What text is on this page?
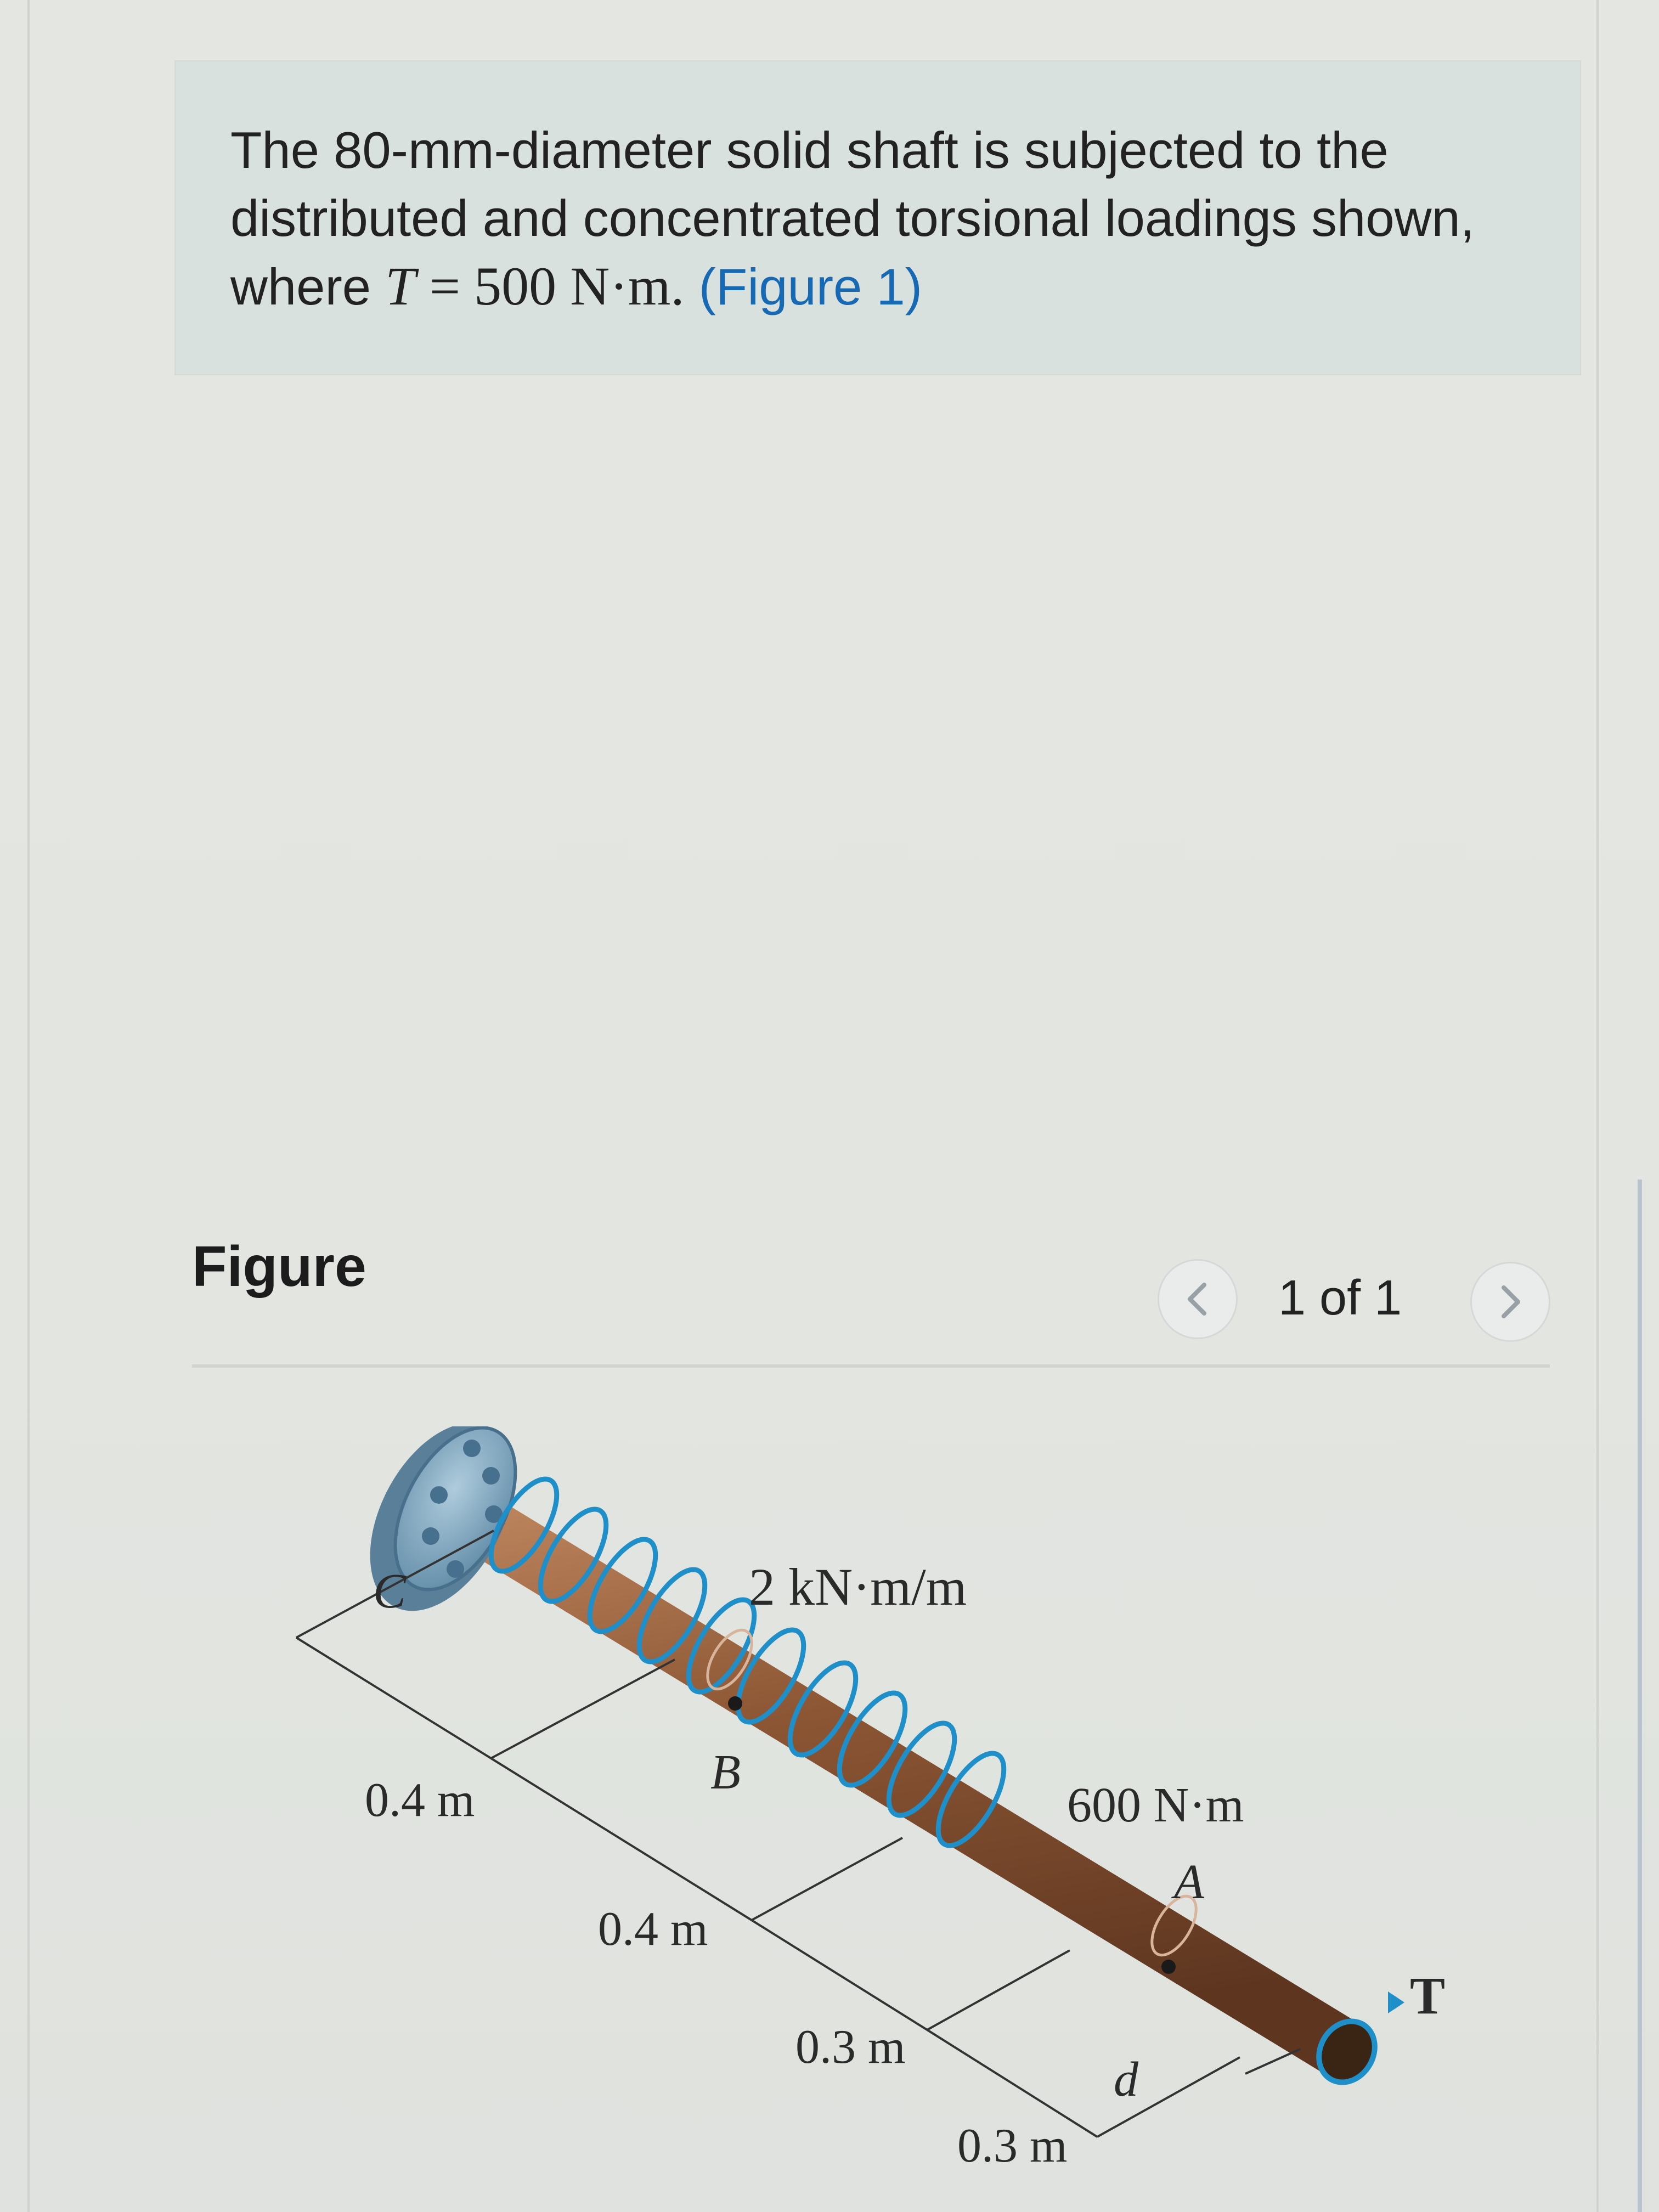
The 80-mm-diameter solid shaft is subjected to the
distributed and concentrated torsional loadings shown,
where T = 500 N·m. (Figure 1)
Figure	1 of 1
C
B
A
d
T
2 kN·m/m
600 N·m
0.4 m
0.4 m
0.3 m
0.3 m
